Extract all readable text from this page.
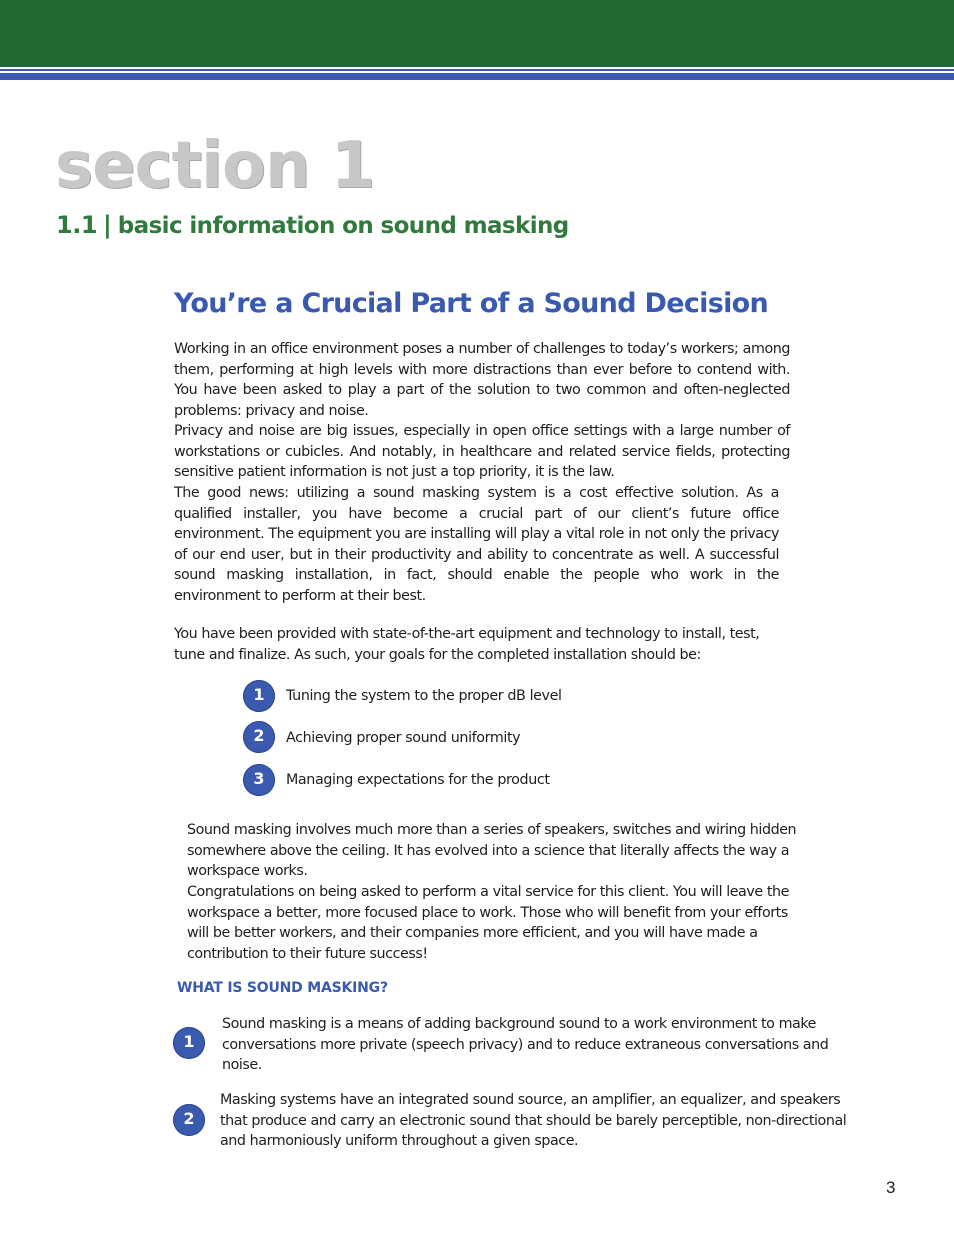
section 1
1.1 | basic information on sound masking
You’re a Crucial Part of a Sound Decision

Working in an office environment poses a number of challenges to today’s workers; among them, performing at high levels with more distractions than ever before to contend with. You have been asked to play a part of the solution to two common and often-neglected problems: privacy and noise.

Privacy and noise are big issues, especially in open office settings with a large number of workstations or cubicles. And notably, in healthcare and related service fields, protecting sensitive patient information is not just a top priority, it is the law.

The good news: utilizing a sound masking system is a cost effective solution. As a qualified installer, you have become a crucial part of our client’s future office environment. The equipment you are installing will play a vital role in not only the privacy of our end user, but in their productivity and ability to concentrate as well. A successful sound masking installation, in fact, should enable the people who work in the environment to perform at their best.

You have been provided with state-of-the-art equipment and technology to install, test, tune and finalize. As such, your goals for the completed installation should be:

1	Tuning the system to the proper dB level

2	Achieving proper sound uniformity

3	Managing expectations for the product

Sound masking involves much more than a series of speakers, switches and wiring hidden somewhere above the ceiling. It has evolved into a science that literally affects the way a workspace works.

Congratulations on being asked to perform a vital service for this client. You will leave the workspace a better, more focused place to work. Those who will benefit from your efforts will be better workers, and their companies more efficient, and you will have made a contribution to their future success!

WHAT IS SOUND MASKING?
1

Sound masking is a means of adding background sound to a work environment to make conversations more private (speech privacy) and to reduce extraneous conversations and noise.

2

Masking systems have an integrated sound source, an amplifier, an equalizer, and speakers that produce and carry an electronic sound that should be barely perceptible, non-directional and harmoniously uniform throughout a given space.

3
